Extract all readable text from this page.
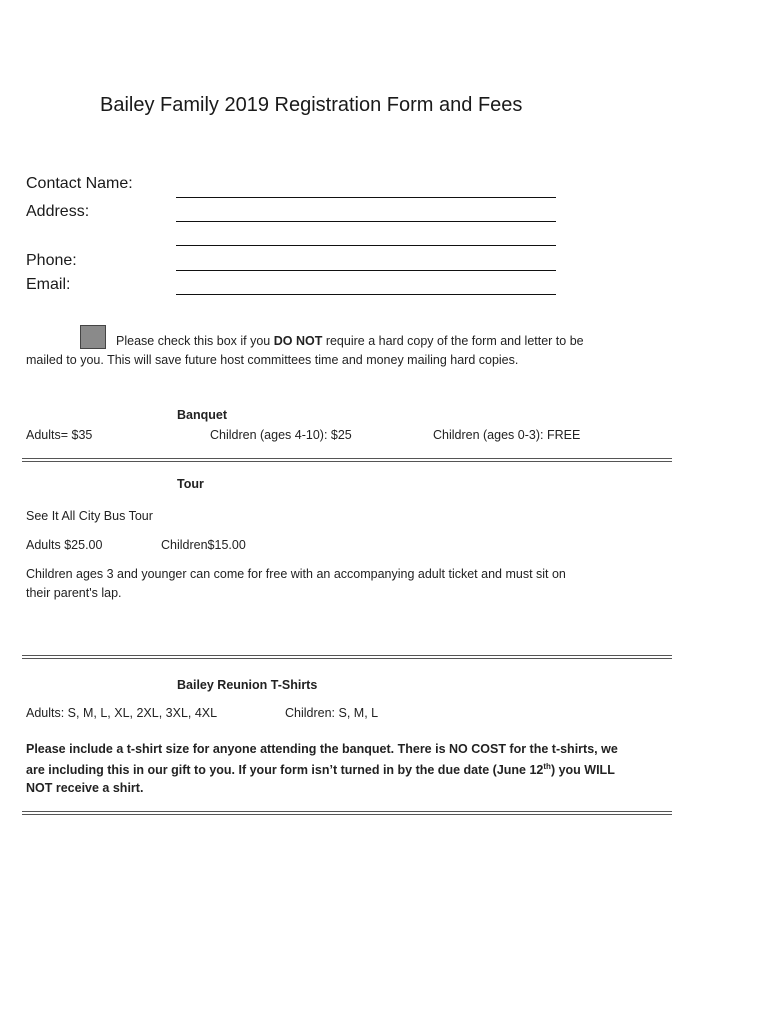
Bailey Family 2019 Registration Form and Fees
Contact Name:
Address:
Phone:
Email:
Please check this box if you DO NOT require a hard copy of the form and letter to be
mailed to you. This will save future host committees time and money mailing hard copies.
Banquet
Adults= $35	Children (ages 4-10): $25	Children (ages 0-3): FREE
Tour
See It All City Bus Tour
Adults $25.00	Children$15.00
Children ages 3 and younger can come for free with an accompanying adult ticket and must sit on
their parent's lap.
Bailey Reunion T-Shirts
Adults: S, M, L, XL, 2XL, 3XL, 4XL	Children: S, M, L
Please include a t-shirt size for anyone attending the banquet. There is NO COST for the t-shirts, we
are including this in our gift to you. If your form isn’t turned in by the due date (June 12th) you WILL
NOT receive a shirt.
